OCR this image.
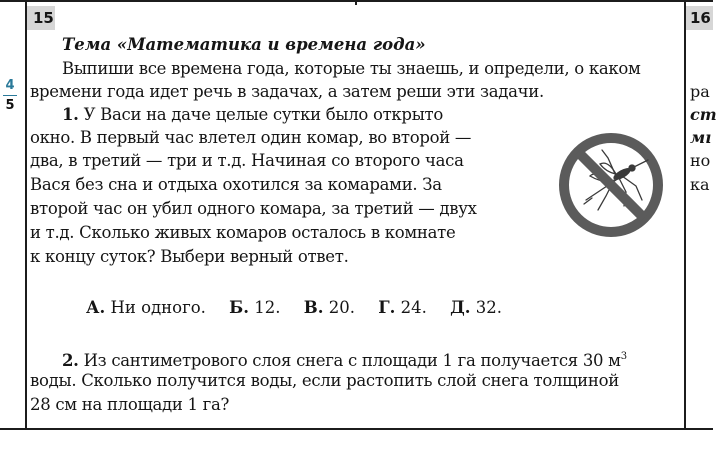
15	16
4
5
Тема «Математика и времена года»
Выпиши все времена года, которые ты знаешь, и определи, о каком
времени года идет речь в задачах, а затем реши эти задачи.
1. У Васи на даче целые сутки было открыто
окно. В первый час влетел один комар, во второй —
два, в третий — три и т.д. Начиная со второго часа
Вася без сна и отдыха охотился за комарами. За
второй час он убил одного комара, за третий — двух
и т.д. Сколько живых комаров осталось в комнате
к концу суток? Выбери верный ответ.
А. Ни одного. Б. 12. В. 20. Г. 24. Д. 32.
2. Из сантиметрового слоя снега с площади 1 га получается 30 $м^3$
воды. Сколько получится воды, если растопить слой снега толщиной
28 см на площади 1 га?
ра
ст
мı
но
ка
